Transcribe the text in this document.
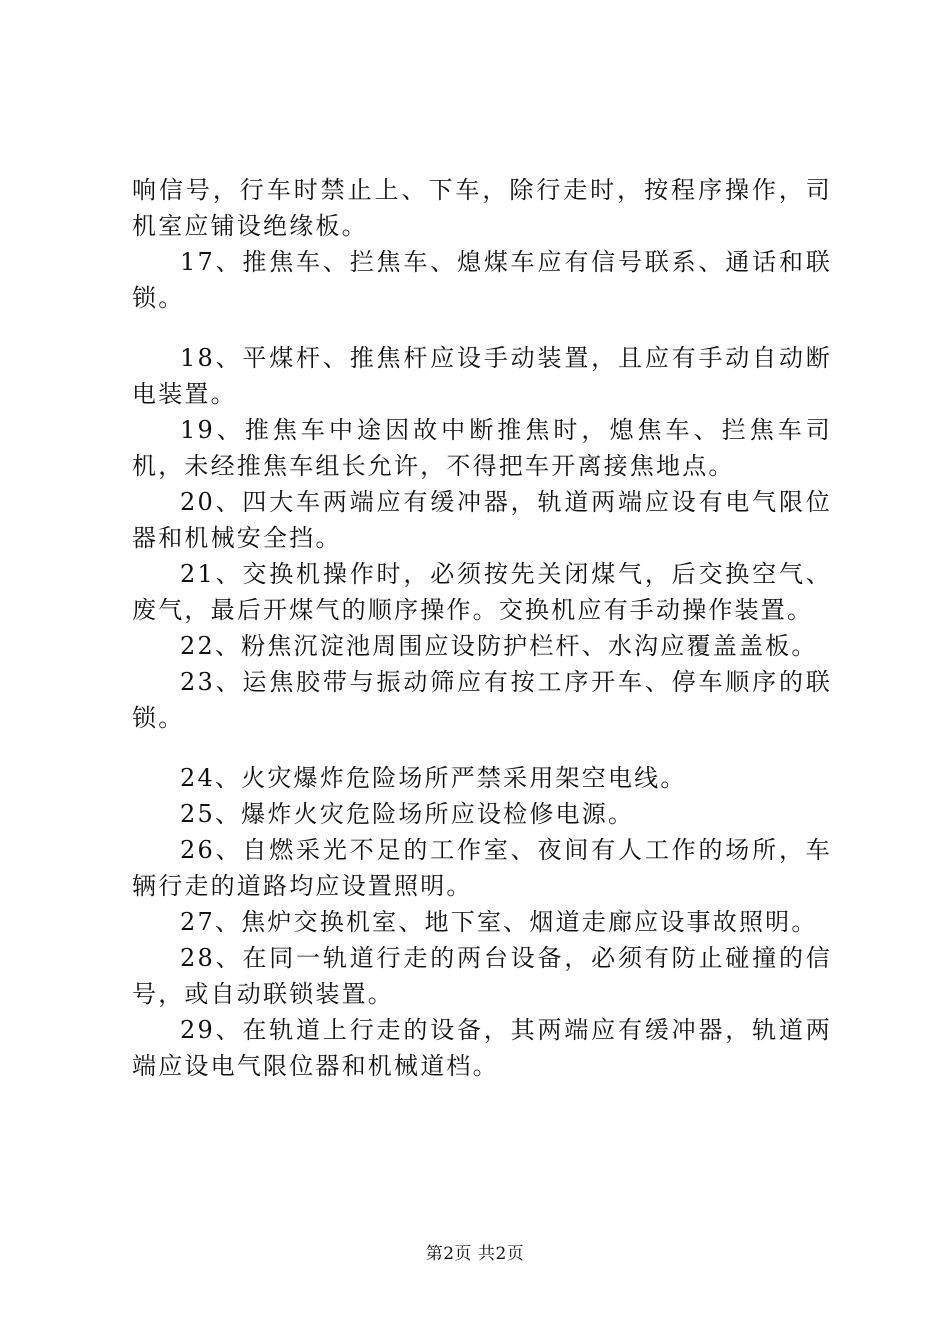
响信号，行车时禁止上、下车，除行走时，按程序操作，司机室应铺设绝缘板。

17、推焦车、拦焦车、熄煤车应有信号联系、通话和联锁。

18、平煤杆、推焦杆应设手动装置，且应有手动自动断电装置。

19、推焦车中途因故中断推焦时，熄焦车、拦焦车司机，未经推焦车组长允许，不得把车开离接焦地点。

20、四大车两端应有缓冲器，轨道两端应设有电气限位器和机械安全挡。

21、交换机操作时，必须按先关闭煤气，后交换空气、废气，最后开煤气的顺序操作。交换机应有手动操作装置。

22、粉焦沉淀池周围应设防护栏杆、水沟应覆盖盖板。

23、运焦胶带与振动筛应有按工序开车、停车顺序的联锁。

24、火灾爆炸危险场所严禁采用架空电线。

25、爆炸火灾危险场所应设检修电源。

26、自燃采光不足的工作室、夜间有人工作的场所，车辆行走的道路均应设置照明。

27、焦炉交换机室、地下室、烟道走廊应设事故照明。

28、在同一轨道行走的两台设备，必须有防止碰撞的信号，或自动联锁装置。

29、在轨道上行走的设备，其两端应有缓冲器，轨道两端应设电气限位器和机械道档。

第2页 共2页
